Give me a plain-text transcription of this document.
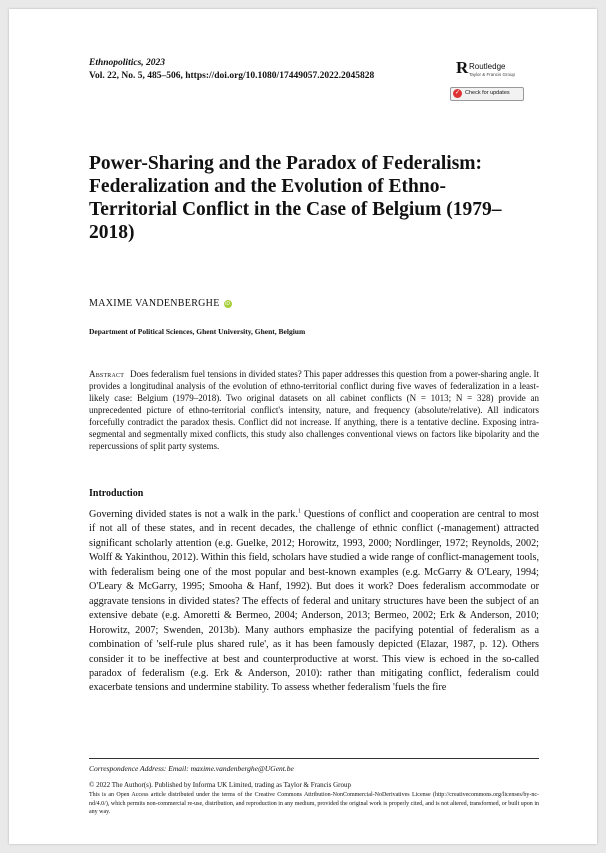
Ethnopolitics, 2023
Vol. 22, No. 5, 485–506, https://doi.org/10.1080/17449057.2022.2045828	R Routledge
Taylor & Francis Group
✓ Check for updates
Power-Sharing and the Paradox of Federalism: Federalization and the Evolution of Ethno-Territorial Conflict in the Case of Belgium (1979–2018)
MAXIME VANDENBERGHE iD
Department of Political Sciences, Ghent University, Ghent, Belgium
Abstract Does federalism fuel tensions in divided states? This paper addresses this question from a power-sharing angle. It provides a longitudinal analysis of the evolution of ethno-territorial conflict during five waves of federalization in a least-likely case: Belgium (1979–2018). Two original datasets on all cabinet conflicts (N = 1013; N = 328) provide an unprecedented picture of ethno-territorial conflict's intensity, nature, and frequency (absolute/relative). All indicators forcefully contradict the paradox thesis. Conflict did not increase. If anything, there is a tentative decline. Exposing intra-segmental and segmentally mixed conflicts, this study also challenges conventional views on factors like bipolarity and the repercussions of split party systems.
Introduction
Governing divided states is not a walk in the park.$^1$ Questions of conflict and cooperation are central to most if not all of these states, and in recent decades, the challenge of ethnic conflict (-management) attracted significant scholarly attention (e.g. Guelke, 2012; Horowitz, 1993, 2000; Nordlinger, 1972; Reynolds, 2002; Wolff & Yakinthou, 2012). Within this field, scholars have studied a wide range of conflict-management tools, with federalism being one of the most popular and best-known examples (e.g. McGarry & O'Leary, 1994; O'Leary & McGarry, 1995; Smooha & Hanf, 1992). But does it work? Does federalism accommodate or aggravate tensions in divided states? The effects of federal and unitary structures have been the subject of an extensive debate (e.g. Amoretti & Bermeo, 2004; Anderson, 2013; Bermeo, 2002; Erk & Anderson, 2010; Horowitz, 2007; Swenden, 2013b). Many authors emphasize the pacifying potential of federalism as a combination of 'self-rule plus shared rule', as it has been famously depicted (Elazar, 1987, p. 12). Others consider it to be ineffective at best and counterproductive at worst. This view is echoed in the so-called paradox of federalism (e.g. Erk & Anderson, 2010): rather than mitigating conflict, federalism could exacerbate tensions and undermine stability. To assess whether federalism 'fuels the fire
Correspondence Address: Email: maxime.vandenberghe@UGent.be
© 2022 The Author(s). Published by Informa UK Limited, trading as Taylor & Francis Group
This is an Open Access article distributed under the terms of the Creative Commons Attribution-NonCommercial-NoDerivatives License (http://creativecommons.org/licenses/by-nc-nd/4.0/), which permits non-commercial re-use, distribution, and reproduction in any medium, provided the original work is properly cited, and is not altered, transformed, or built upon in any way.
